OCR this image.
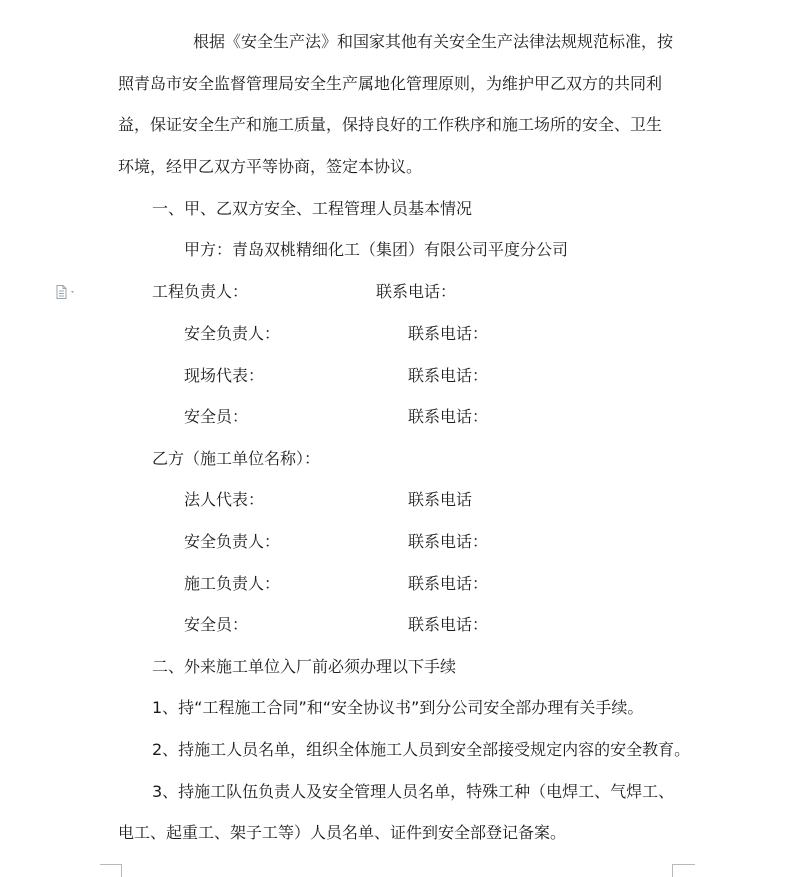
根据《安全生产法》和国家其他有关安全生产法律法规规范标准，按
照青岛市安全监督管理局安全生产属地化管理原则，为维护甲乙双方的共同利
益，保证安全生产和施工质量，保持良好的工作秩序和施工场所的安全、卫生
环境，经甲乙双方平等协商，签定本协议。
一、甲、乙双方安全、工程管理人员基本情况
甲方：青岛双桃精细化工（集团）有限公司平度分公司
工程负责人：	联系电话：
安全负责人：	联系电话：
现场代表：	联系电话：
安全员：	联系电话：
乙方（施工单位名称）：
法人代表：	联系电话
安全负责人：	联系电话：
施工负责人：	联系电话：
安全员：	联系电话：
二、外来施工单位入厂前必须办理以下手续
1、持“工程施工合同”和“安全协议书”到分公司安全部办理有关手续。
2、持施工人员名单，组织全体施工人员到安全部接受规定内容的安全教育。
3、持施工队伍负责人及安全管理人员名单，特殊工种（电焊工、气焊工、
电工、起重工、架子工等）人员名单、证件到安全部登记备案。
